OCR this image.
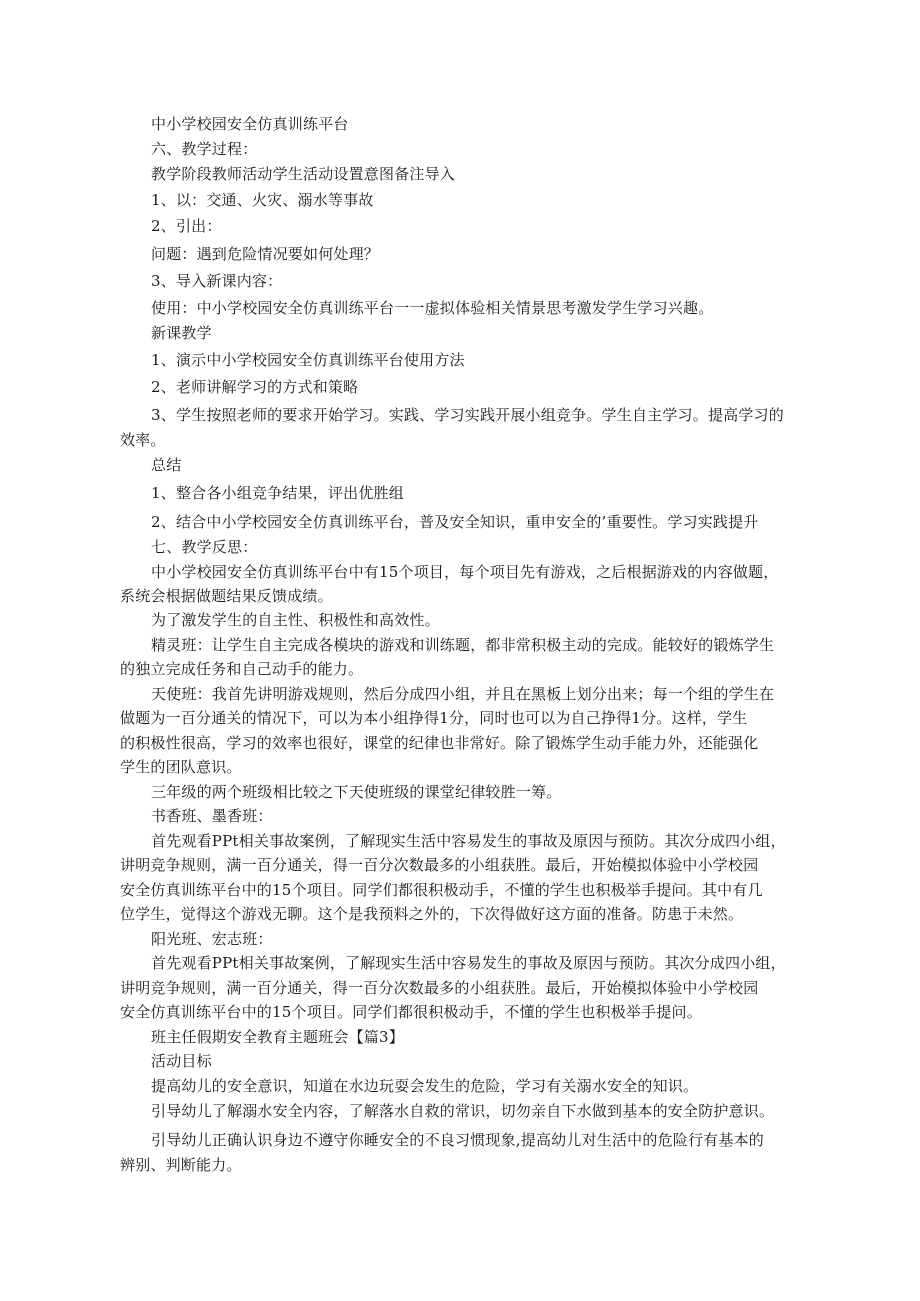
中小学校园安全仿真训练平台
六、教学过程：
教学阶段教师活动学生活动设置意图备注导入
1、以：交通、火灾、溺水等事故
2、引出：
问题：遇到危险情况要如何处理？
3、导入新课内容：
使用：中小学校园安全仿真训练平台一一虚拟体验相关情景思考激发学生学习兴趣。
新课教学
1、演示中小学校园安全仿真训练平台使用方法
2、老师讲解学习的方式和策略
3、学生按照老师的要求开始学习。实践、学习实践开展小组竞争。学生自主学习。提高学习的
效率。
总结
1、整合各小组竞争结果，评出优胜组
2、结合中小学校园安全仿真训练平台，普及安全知识，重申安全的’重要性。学习实践提升
七、教学反思：
中小学校园安全仿真训练平台中有15个项目，每个项目先有游戏，之后根据游戏的内容做题，
系统会根据做题结果反馈成绩。
为了激发学生的自主性、积极性和高效性。
精灵班：让学生自主完成各模块的游戏和训练题，都非常积极主动的完成。能较好的锻炼学生
的独立完成任务和自己动手的能力。
天使班：我首先讲明游戏规则，然后分成四小组，并且在黑板上划分出来；每一个组的学生在
做题为一百分通关的情况下，可以为本小组挣得1分，同时也可以为自己挣得1分。这样，学生
的积极性很高，学习的效率也很好，课堂的纪律也非常好。除了锻炼学生动手能力外，还能强化
学生的团队意识。
三年级的两个班级相比较之下天使班级的课堂纪律较胜一筹。
书香班、墨香班：
首先观看PPt相关事故案例，了解现实生活中容易发生的事故及原因与预防。其次分成四小组，
讲明竞争规则，满一百分通关，得一百分次数最多的小组获胜。最后，开始模拟体验中小学校园
安全仿真训练平台中的15个项目。同学们都很积极动手，不懂的学生也积极举手提问。其中有几
位学生，觉得这个游戏无聊。这个是我预料之外的，下次得做好这方面的准备。防患于未然。
阳光班、宏志班：
首先观看PPt相关事故案例，了解现实生活中容易发生的事故及原因与预防。其次分成四小组，
讲明竞争规则，满一百分通关，得一百分次数最多的小组获胜。最后，开始模拟体验中小学校园
安全仿真训练平台中的15个项目。同学们都很积极动手，不懂的学生也积极举手提问。
班主任假期安全教育主题班会【篇3】
活动目标
提高幼儿的安全意识，知道在水边玩耍会发生的危险，学习有关溺水安全的知识。
引导幼儿了解溺水安全内容，了解落水自救的常识，切勿亲自下水做到基本的安全防护意识。
引导幼儿正确认识身边不遵守你睡安全的不良习惯现象,提高幼儿对生活中的危险行有基本的
辨别、判断能力。
